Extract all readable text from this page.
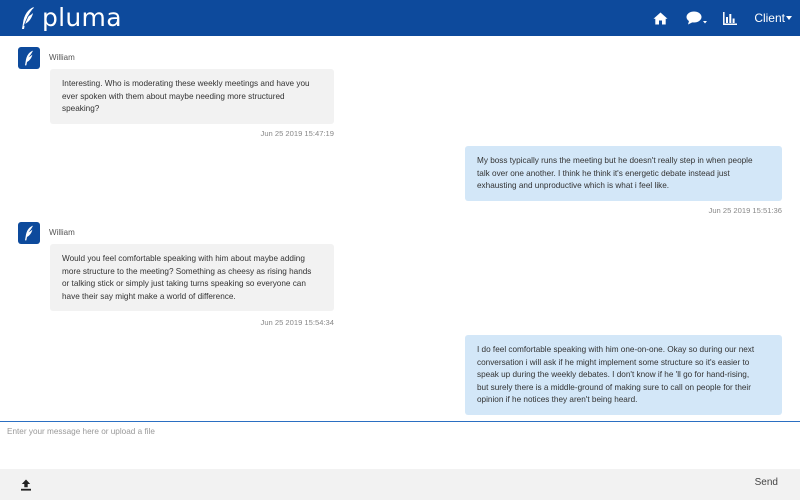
pluma	Client
William
Interesting. Who is moderating these weekly meetings and have you
ever spoken with them about maybe needing more structured
speaking?
Jun 25 2019 15:47:19
My boss typically runs the meeting but he doesn't really step in when people
talk over one another. I think he think it's energetic debate instead just
exhausting and unproductive which is what i feel like.
Jun 25 2019 15:51:36
William
Would you feel comfortable speaking with him about maybe adding
more structure to the meeting? Something as cheesy as rising hands
or talking stick or simply just taking turns speaking so everyone can
have their say might make a world of difference.
Jun 25 2019 15:54:34
I do feel comfortable speaking with him one-on-one. Okay so during our next
conversation i will ask if he might implement some structure so it's easier to
speak up during the weekly debates. I don't know if he 'll go for hand-rising,
but surely there is a middle-ground of making sure to call on people for their
opinion if he notices they aren't being heard.
Enter your message here or upload a file
Send
